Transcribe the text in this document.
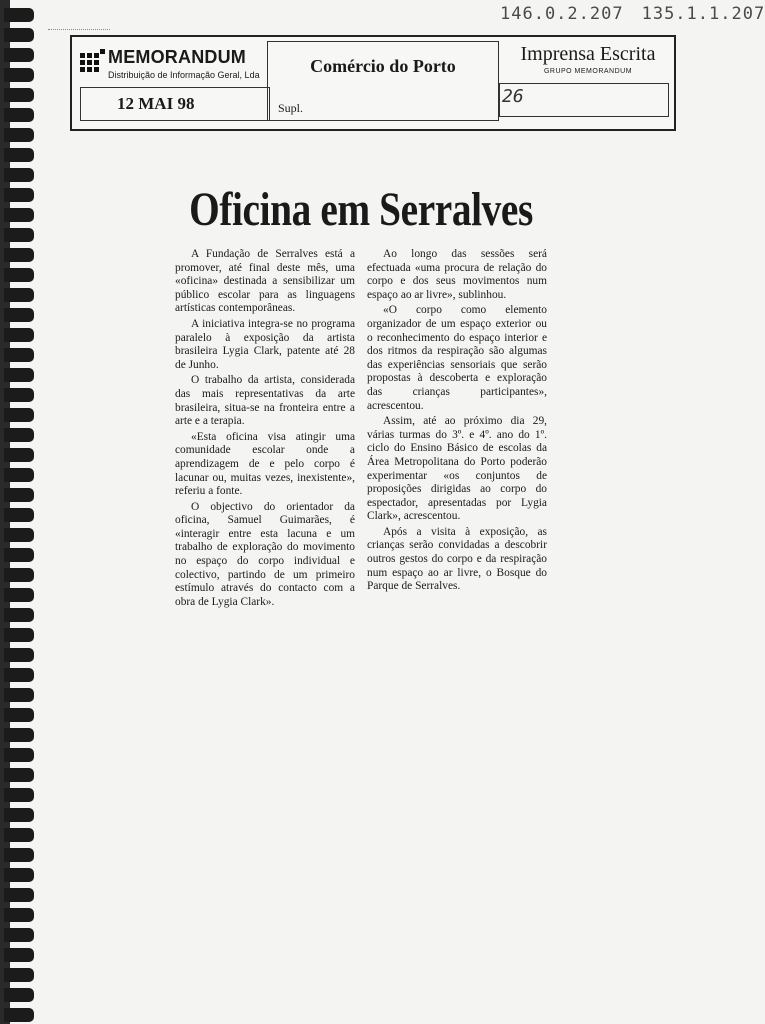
146.0.2.207 135.1.1.207
MEMORANDUM
Distribuição de Informação Geral, Lda
12 MAI 98
Comércio do Porto
Supl.
Imprensa Escrita
GRUPO MEMORANDUM
26
Oficina em Serralves

A Fundação de Serralves está a promover, até final deste mês, uma «oficina» destinada a sensibilizar um público escolar para as linguagens artísticas contemporâneas.

A iniciativa integra-se no programa paralelo à exposição da artista brasileira Lygia Clark, patente até 28 de Junho.

O trabalho da artista, considerada das mais representativas da arte brasileira, situa-se na fronteira entre a arte e a terapia.

«Esta oficina visa atingir uma comunidade escolar onde a aprendizagem de e pelo corpo é lacunar ou, muitas vezes, inexistente», referiu a fonte.

O objectivo do orientador da oficina, Samuel Guimarães, é «interagir entre esta lacuna e um trabalho de exploração do movimento no espaço do corpo individual e colectivo, partindo de um primeiro estímulo através do contacto com a obra de Lygia Clark».

Ao longo das sessões será efectuada «uma procura de relação do corpo e dos seus movimentos num espaço ao ar livre», sublinhou.

«O corpo como elemento organizador de um espaço exterior ou o reconhecimento do espaço interior e dos ritmos da respiração são algumas das experiências sensoriais que serão propostas à descoberta e exploração das crianças participantes», acrescentou.

Assim, até ao próximo dia 29, várias turmas do 3º. e 4º. ano do 1º. ciclo do Ensino Básico de escolas da Área Metropolitana do Porto poderão experimentar «os conjuntos de proposições dirigidas ao corpo do espectador, apresentadas por Lygia Clark», acrescentou.

Após a visita à exposição, as crianças serão convidadas a descobrir outros gestos do corpo e da respiração num espaço ao ar livre, o Bosque do Parque de Serralves.
